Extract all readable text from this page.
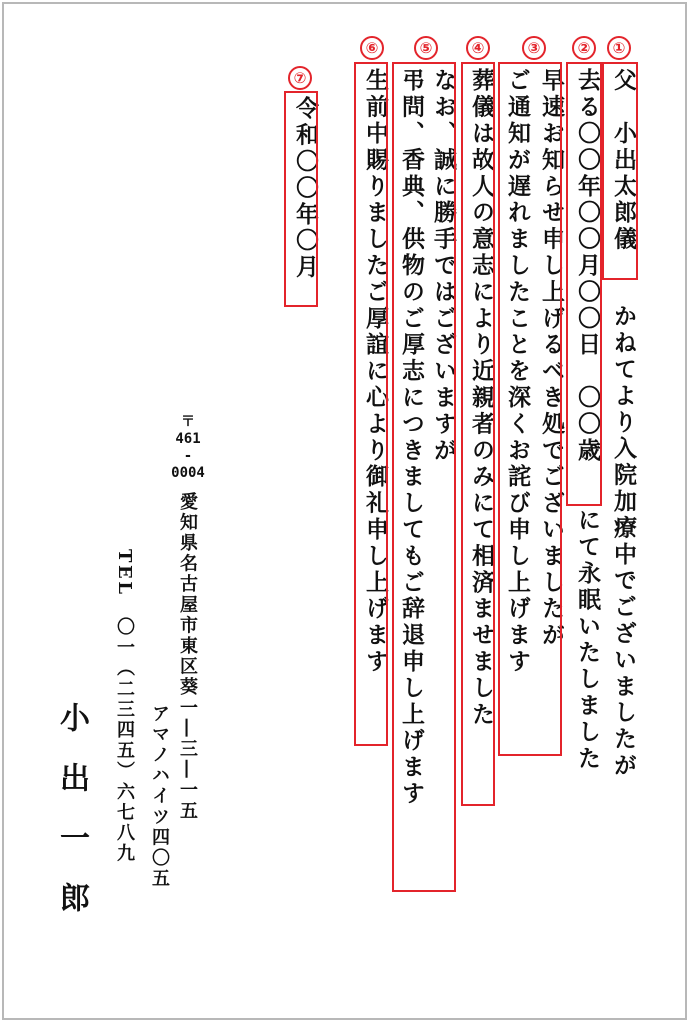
父　小出太郎儀
かねてより入院加療中でございましたが
①
去る〇〇年〇〇月〇〇日　〇〇歳
にて永眠いたしました
②
早速お知らせ申し上げるべき処でございましたが
ご通知が遅れましたことを深くお詫び申し上げます
③
葬儀は故人の意志により近親者のみにて相済ませました
④
なお、誠に勝手ではございますが
弔問、香典、供物のご厚志につきましてもご辞退申し上げます
⑤
生前中賜りましたご厚誼に心より御礼申し上げます
⑥
令和〇〇年〇月
⑦
〒
461
-
0004
愛知県名古屋市東区葵一―三―一五
アマノハイツ四〇五
TEL　〇一（二三四五）六七八九
小出一郎
